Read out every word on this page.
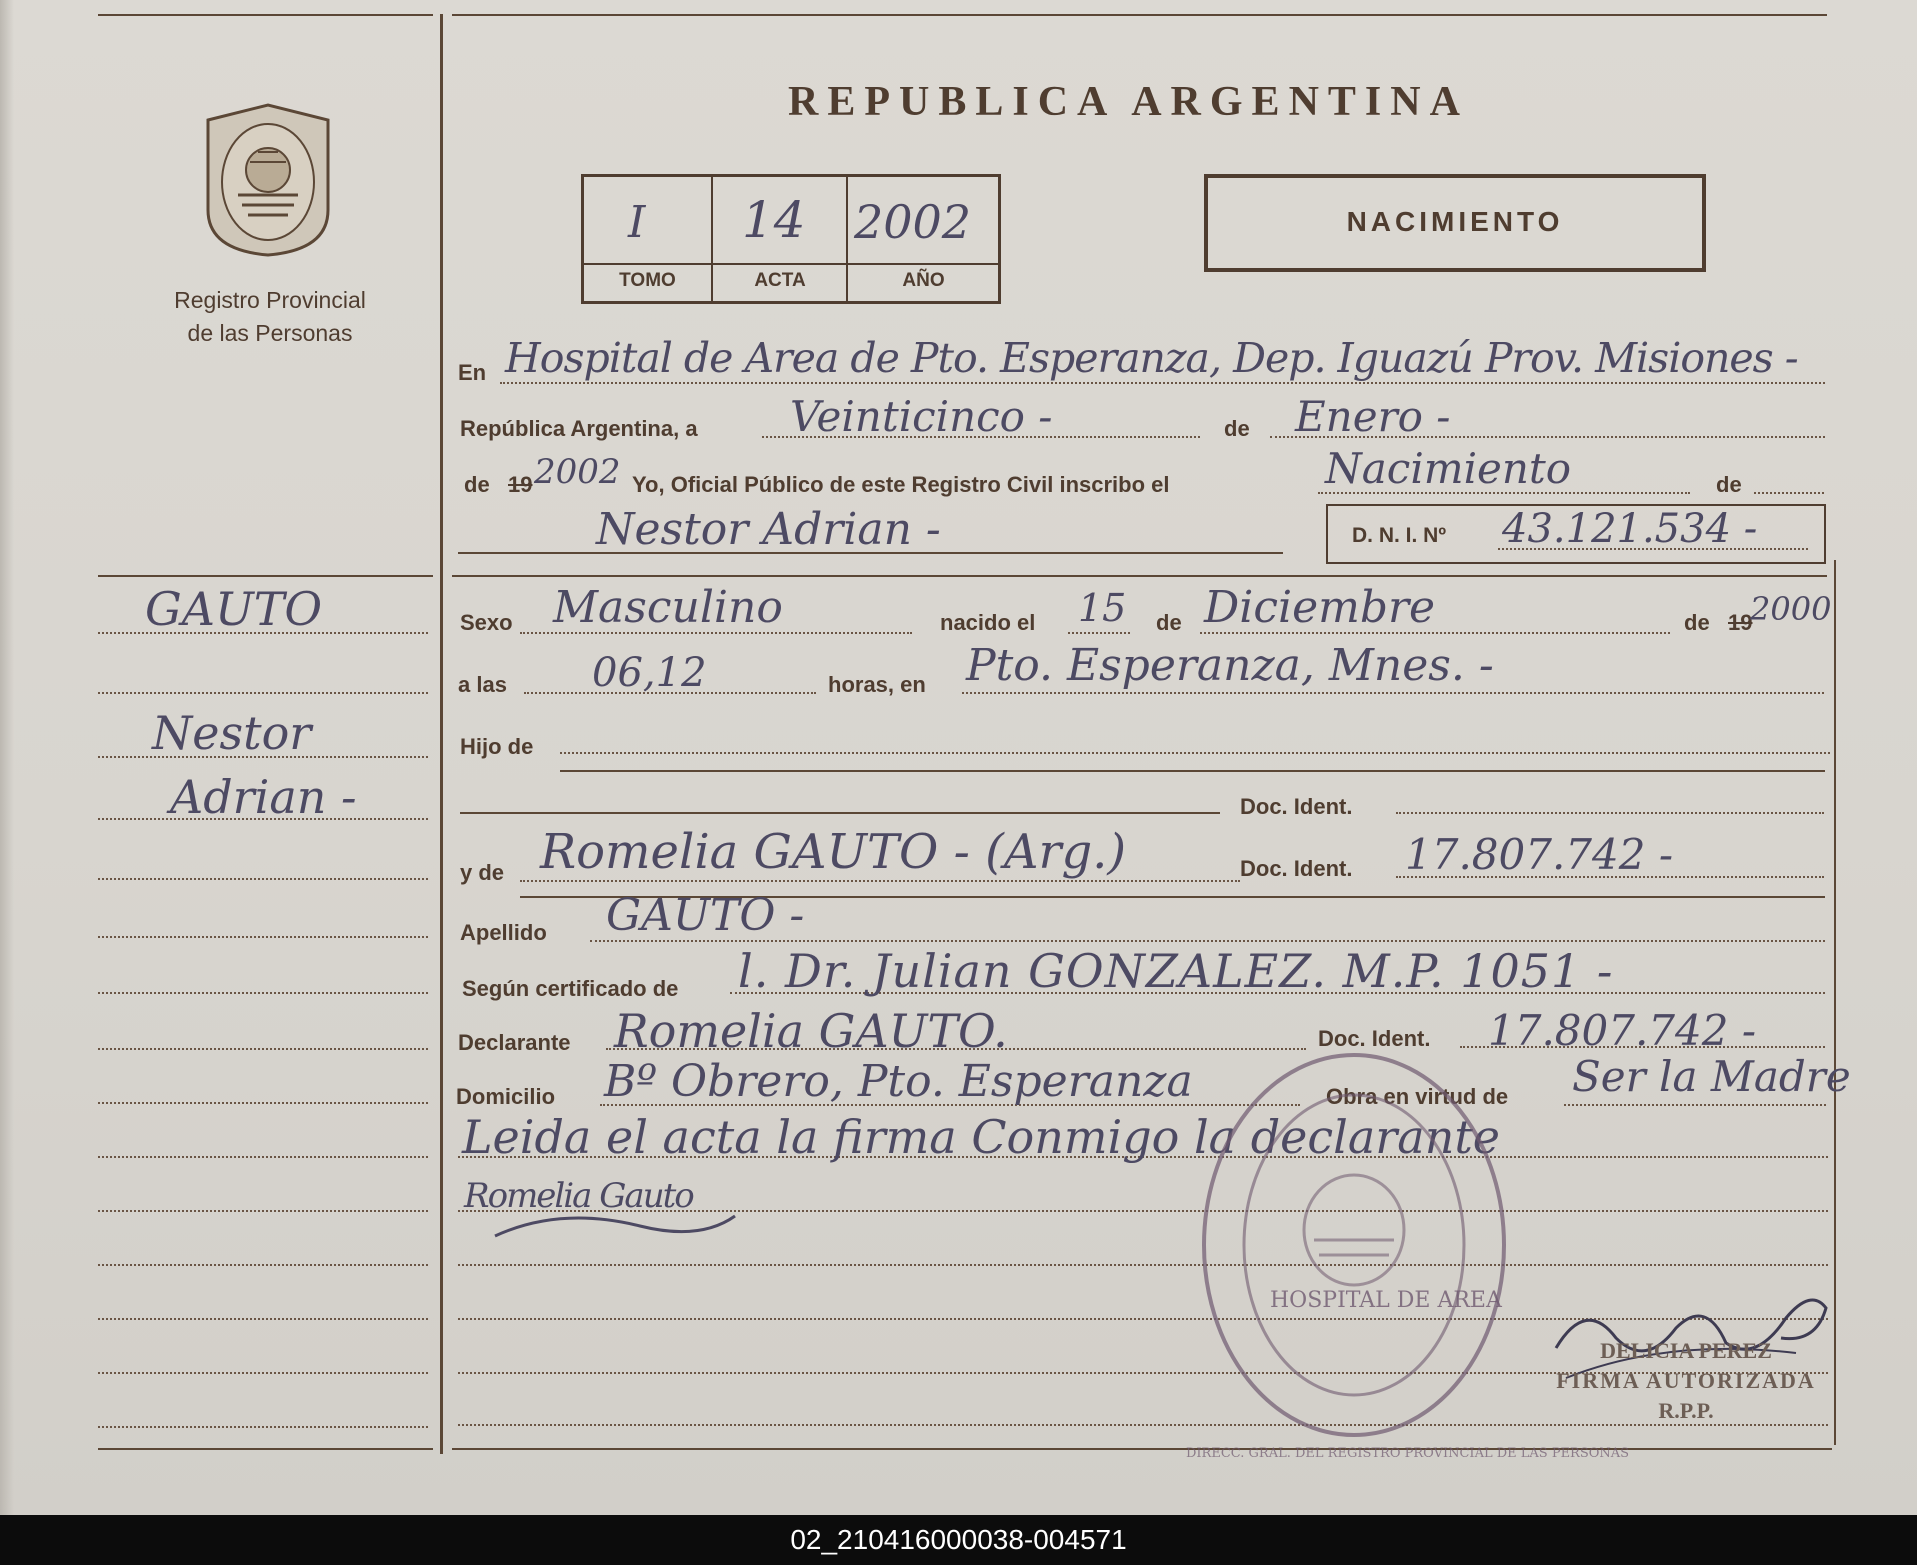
Registro Provincial
de las Personas
GAUTO
Nestor
Adrian -
REPUBLICA ARGENTINA
I 14 2002
TOMO	ACTA	AÑO
NACIMIENTO
En Hospital de Area de Pto. Esperanza, Dep. Iguazú Prov. Misiones -
República Argentina, a Veinticinco -	de Enero -
de 19 2002 Yo, Oficial Público de este Registro Civil inscribo el	Nacimiento	de
Nestor Adrian -	D. N. I. Nº 43.121.534 -
Sexo Masculino	nacido el 15 de Diciembre	de 19
2000
a las 06,12	horas, en Pto. Esperanza, Mnes. -
Hijo de
Doc. Ident.
y de Romelia GAUTO - (Arg.)	Doc. Ident. 17.807.742 -
Apellido GAUTO -
Según certificado de l. Dr. Julian GONZALEZ. M.P. 1051 -
Declarante Romelia GAUTO.	Doc. Ident. 17.807.742 -
Domicilio Bº Obrero, Pto. Esperanza	Obra en virtud de Ser la Madre
Leida el acta la firma Conmigo la declarante
Romelia Gauto
HOSPITAL DE AREA
DIRECC. GRAL. DEL REGISTRO PROVINCIAL DE LAS PERSONAS
DELICIA PEREZ
FIRMA AUTORIZADA
R.P.P.
02_210416000038-004571
